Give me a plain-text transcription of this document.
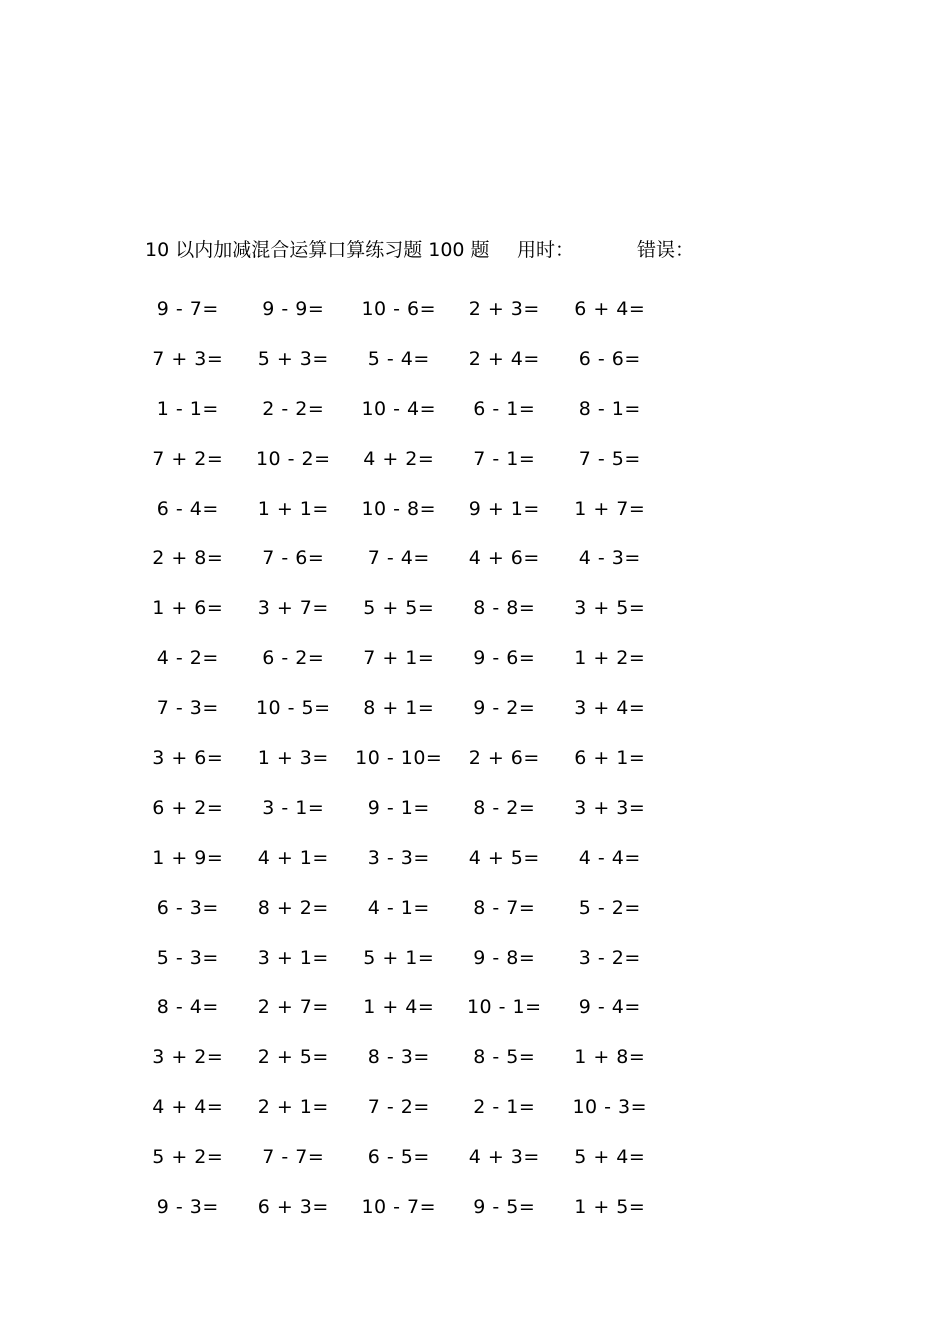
10 以内加减混合运算口算练习题 100 题 用时：	错误：
9 - 7=	9 - 9=	10 - 6=	2 + 3=	6 + 4=
7 + 3=	5 + 3=	5 - 4=	2 + 4=	6 - 6=
1 - 1=	2 - 2=	10 - 4=	6 - 1=	8 - 1=
7 + 2=	10 - 2=	4 + 2=	7 - 1=	7 - 5=
6 - 4=	1 + 1=	10 - 8=	9 + 1=	1 + 7=
2 + 8=	7 - 6=	7 - 4=	4 + 6=	4 - 3=
1 + 6=	3 + 7=	5 + 5=	8 - 8=	3 + 5=
4 - 2=	6 - 2=	7 + 1=	9 - 6=	1 + 2=
7 - 3=	10 - 5=	8 + 1=	9 - 2=	3 + 4=
3 + 6=	1 + 3=	10 - 10=	2 + 6=	6 + 1=
6 + 2=	3 - 1=	9 - 1=	8 - 2=	3 + 3=
1 + 9=	4 + 1=	3 - 3=	4 + 5=	4 - 4=
6 - 3=	8 + 2=	4 - 1=	8 - 7=	5 - 2=
5 - 3=	3 + 1=	5 + 1=	9 - 8=	3 - 2=
8 - 4=	2 + 7=	1 + 4=	10 - 1=	9 - 4=
3 + 2=	2 + 5=	8 - 3=	8 - 5=	1 + 8=
4 + 4=	2 + 1=	7 - 2=	2 - 1=	10 - 3=
5 + 2=	7 - 7=	6 - 5=	4 + 3=	5 + 4=
9 - 3=	6 + 3=	10 - 7=	9 - 5=	1 + 5=
